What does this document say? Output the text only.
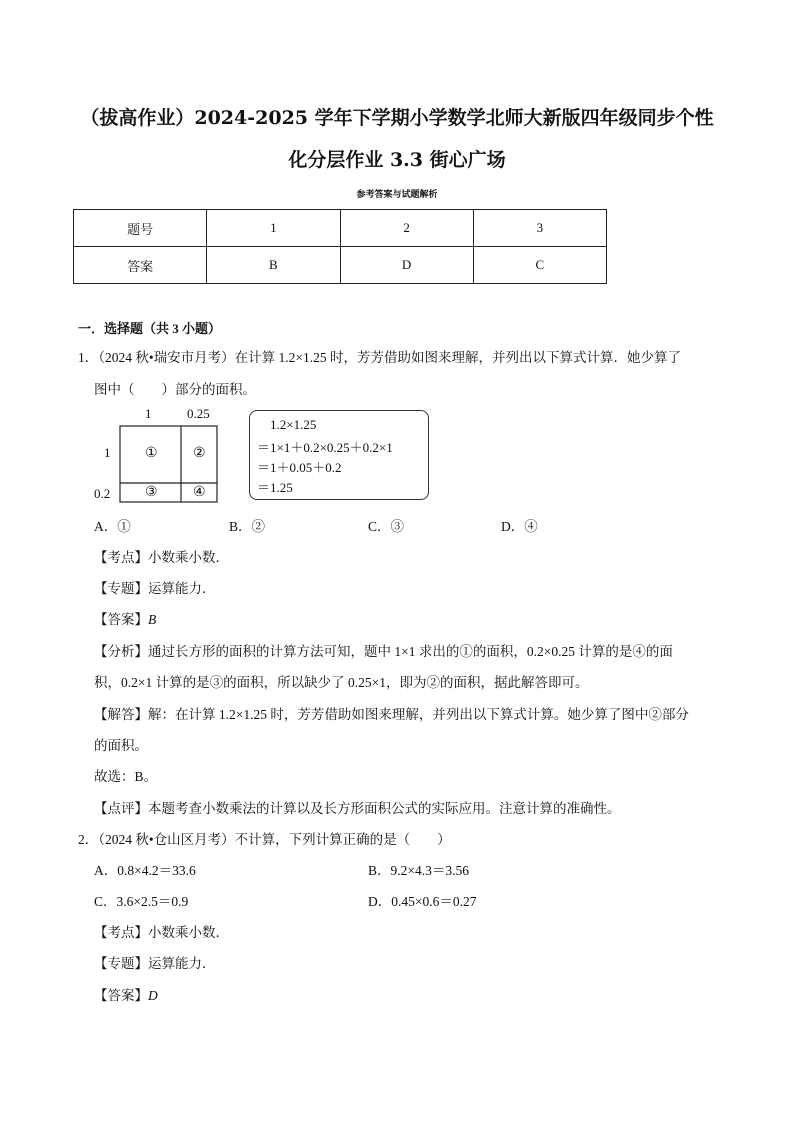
（拔高作业）2024-2025 学年下学期小学数学北师大新版四年级同步个性
化分层作业 3.3 街心广场
参考答案与试题解析
题号	1	2	3
答案	B	D	C
一．选择题（共 3 小题）
1．（2024 秋•瑞安市月考）在计算 1.2×1.25 时，芳芳借助如图来理解，并列出以下算式计算．她少算了
图中（　　）部分的面积。
1	0.25
1
0.2
①	②
③	④
1.2×1.25
＝1×1＋0.2×0.25＋0.2×1
＝1＋0.05＋0.2
＝1.25
A．①	B．②	C．③	D．④
【考点】小数乘小数．
【专题】运算能力．
【答案】B
【分析】通过长方形的面积的计算方法可知，题中 1×1 求出的①的面积，0.2×0.25 计算的是④的面
积，0.2×1 计算的是③的面积，所以缺少了 0.25×1，即为②的面积，据此解答即可。
【解答】解：在计算 1.2×1.25 时，芳芳借助如图来理解，并列出以下算式计算。她少算了图中②部分
的面积。
故选：B。
【点评】本题考查小数乘法的计算以及长方形面积公式的实际应用。注意计算的准确性。
2．（2024 秋•仓山区月考）不计算，下列计算正确的是（　　）
A．0.8×4.2＝33.6	B．9.2×4.3＝3.56
C．3.6×2.5＝0.9	D．0.45×0.6＝0.27
【考点】小数乘小数．
【专题】运算能力．
【答案】D
